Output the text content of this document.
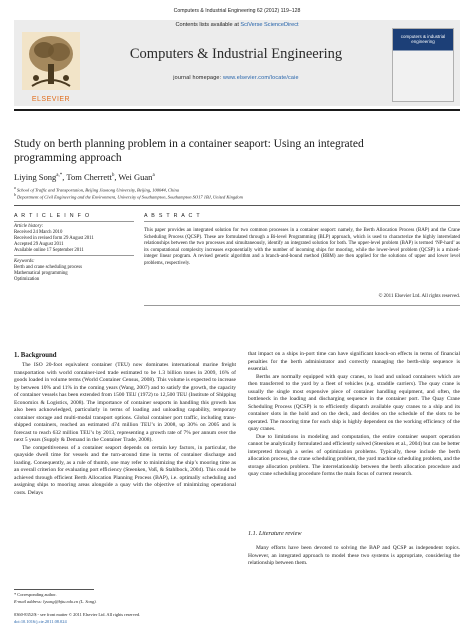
Computers & Industrial Engineering 62 (2012) 119–128
Contents lists available at SciVerse ScienceDirect
ELSEVIER
Computers & Industrial Engineering
journal homepage: www.elsevier.com/locate/caie
computers & industrial engineering
Study on berth planning problem in a container seaport: Using an integrated programming approach
Liying Song$^{a,*}$, Tom Cherrett$^b$, Wei Guan$^a$
$^a$ School of Traffic and Transportation, Beijing Jiaotong University, Beijing, 100044, China
$^b$ Department of Civil Engineering and the Environment, University of Southampton, Southampton SO17 1BJ, United Kingdom
A R T I C L E I N F O	A B S T R A C T
Article history:
Received 24 March 2010
Received in revised form 29 August 2011
Accepted 29 August 2011
Available online 17 September 2011
Keywords:
Berth and crane scheduling process
Mathematical programming
Optimization
This paper provides an integrated solution for two common processes in a container seaport: namely, the Berth Allocation Process (BAP) and the Crane Scheduling Process (QCSP). These are formulated through a Bi-level Programming (BLP) approach, which is used to characterize the highly interrelated relationships between the two processes and simultaneously, identify an integrated solution for both. The upper-level problem (BAP) is termed ‘NP-hard’ as its computational complexity increases exponentially with the number of incoming ships for mooring, while the lower-level problem (QCSP) is a mixed-integer linear program. A revised genetic algorithm and a branch-and-bound method (BBM) are then applied for the solutions of upper and lower level problems, respectively.
© 2011 Elsevier Ltd. All rights reserved.
1. Background

The ISO 20-foot equivalent container (TEU) now dominates international marine freight transportation with world container-ized trade estimated to be 1.3 billion tones in 2009, 16% of goods loaded in volume terms (World Container Census, 2008). This volume is expected to increase by between 10% and 11% in the coming years (Wang, 2007) and to satisfy the growth, the capacity of container vessels has been extended from 1500 TEU (1972) to 12,500 TEU (Institute of Shipping Economics & Logistics, 2008). The importance of container seaports in handling this growth has also been acknowledged, particularly in terms of loading and unloading capability, temporary container storage and multi-modal transport options. Global container port traffic, including trans-shipped containers, reached an estimated 474 million TEU’s in 2008, up 30% on 2005 and is forecast to reach 632 million TEU’s by 2013, representing a growth rate of 7% per annum over the next 5 years (Supply & Demand in the Container Trade, 2008).

The competitiveness of a container seaport depends on certain key factors, in particular, the quayside dwell time for vessels and the turn-around time in terms of container discharge and loading. Consequently, as a rule of thumb, one may refer to minimizing the ship’s mooring time as an overall criterion for evaluating port efficiency (Steenken, Voß, & Stahlbock, 2004). This could be achieved through efficient Berth Allocation Planning Process (BAP), i.e. optimally scheduling and assigning ships to mooring areas alongside a quay with the objective of minimizing operational costs. Delays

that impact on a ships in-port time can have significant knock-on effects in terms of financial penalties for the berth administrator and correctly managing the berth-ship sequence is essential.

Berths are normally equipped with quay cranes, to load and unload containers which are then transferred to the yard by a fleet of vehicles (e.g. straddle carriers). The quay crane is usually the single most expensive piece of container handling equipment, and often, the bottleneck in the loading and discharging sequence in the container port. The Quay Crane Scheduling Process (QCSP) is to efficiently dispatch available quay cranes to a ship and its container slots in the hold and on the deck, and decides on the schedule of the slots to be operated. The mooring time for each ship is highly dependent on the working efficiency of the quay cranes.

Due to limitations in modeling and computation, the entire container seaport operation cannot be analytically formulated and efficiently solved (Steenken et al., 2004) but can be better interpreted through a series of optimization problems. Typically, these include the berth allocation process, the crane scheduling problem, the yard machine scheduling problem, and the storage allocation problem. The interrelationship between the berth allocation procedure and quay crane scheduling procedure forms the main focus of current research.

1.1. Literature review

Many efforts have been devoted to solving the BAP and QCSP as independent topics. However, an integrated approach to model these two systems is appropriate, considering the relationship between them.

* Corresponding author.
E-mail address: lysong@bjtu.edu.cn (L. Song).
0360-8352/$ - see front matter © 2011 Elsevier Ltd. All rights reserved.
doi:10.1016/j.cie.2011.08.024
